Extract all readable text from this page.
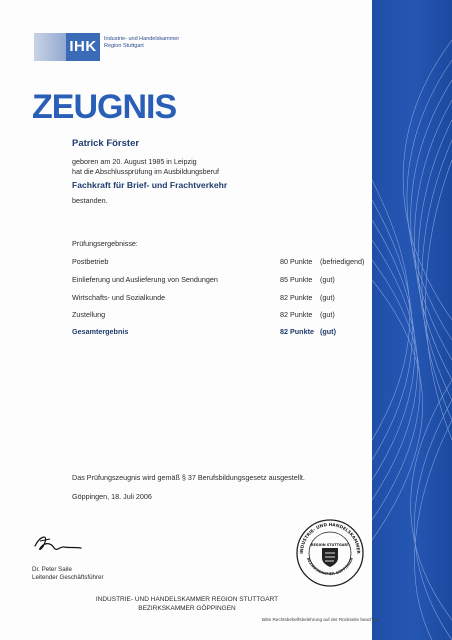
IHK	Industrie- und Handelskammer
Region Stuttgart
ZEUGNIS
Patrick Förster
geboren am 20. August 1985 in Leipzig
hat die Abschlussprüfung im Ausbildungsberuf
Fachkraft für Brief- und Frachtverkehr
bestanden.
Prüfungsergebnisse:
Postbetrieb	80 Punkte (befriedigend)
Einlieferung und Auslieferung von Sendungen	85 Punkte (gut)
Wirtschafts- und Sozialkunde	82 Punkte (gut)
Zustellung	82 Punkte (gut)
Gesamtergebnis	82 Punkte (gut)
Das Prüfungszeugnis wird gemäß § 37 Berufsbildungsgesetz ausgestellt.
Göppingen, 18. Juli 2006
Dr. Peter Saile
Leitender Geschäftsführer
INDUSTRIE- UND HANDELSKAMMER
REGION STUTTGART
BEZIRKSKAMMER GÖPPINGEN
INDUSTRIE- UND HANDELSKAMMER REGION STUTTGART
BEZIRKSKAMMER GÖPPINGEN
Bitte Rechtsbehelfsbelehrung auf der Rückseite beachten
